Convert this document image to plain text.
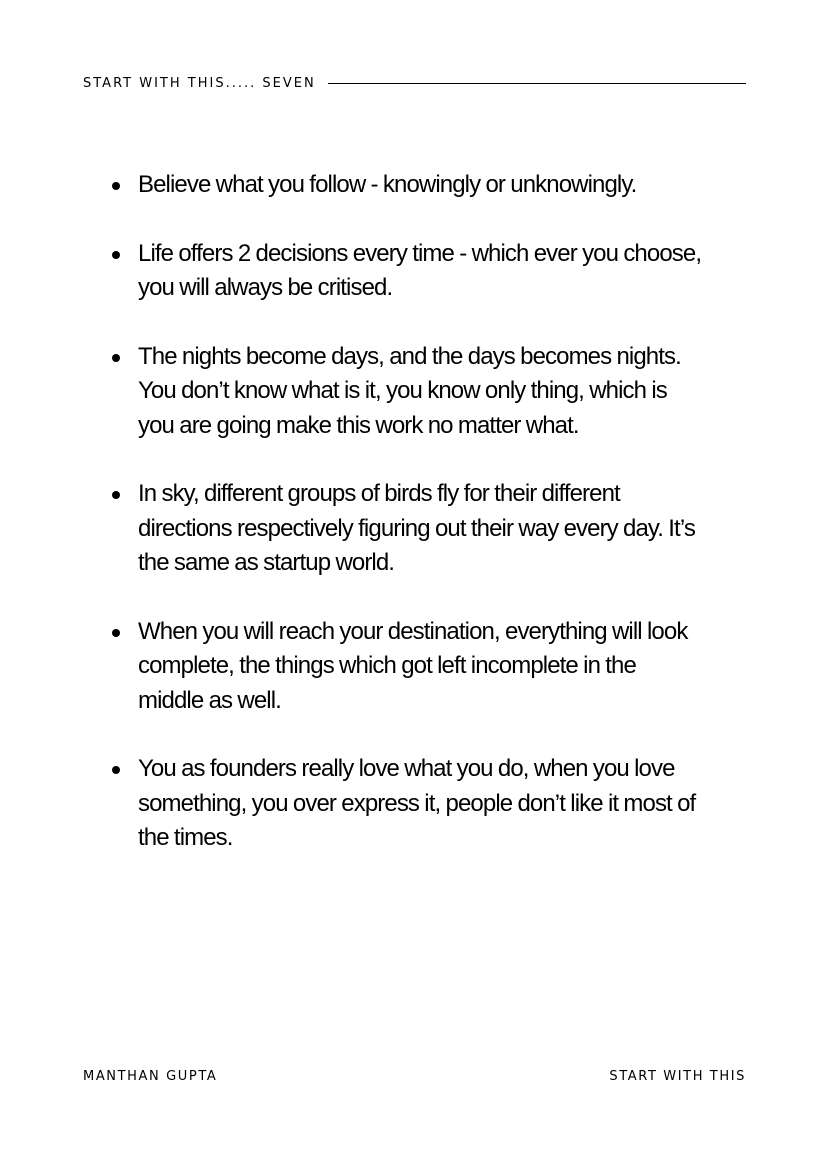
START WITH THIS..... SEVEN
Believe what you follow - knowingly or unknowingly.
Life offers 2 decisions every time - which ever you choose, you will always be critised.
The nights become days, and the days becomes nights. You don’t know what is it, you know only thing, which is you are going make this work no matter what.
In sky, different groups of birds fly for their different directions respectively figuring out their way every day. It’s the same as startup world.
When you will reach your destination, everything will look complete, the things which got left incomplete in the middle as well.
You as founders really love what you do, when you love something, you over express it, people don’t like it most of the times.
MANTHAN GUPTA	START WITH THIS
